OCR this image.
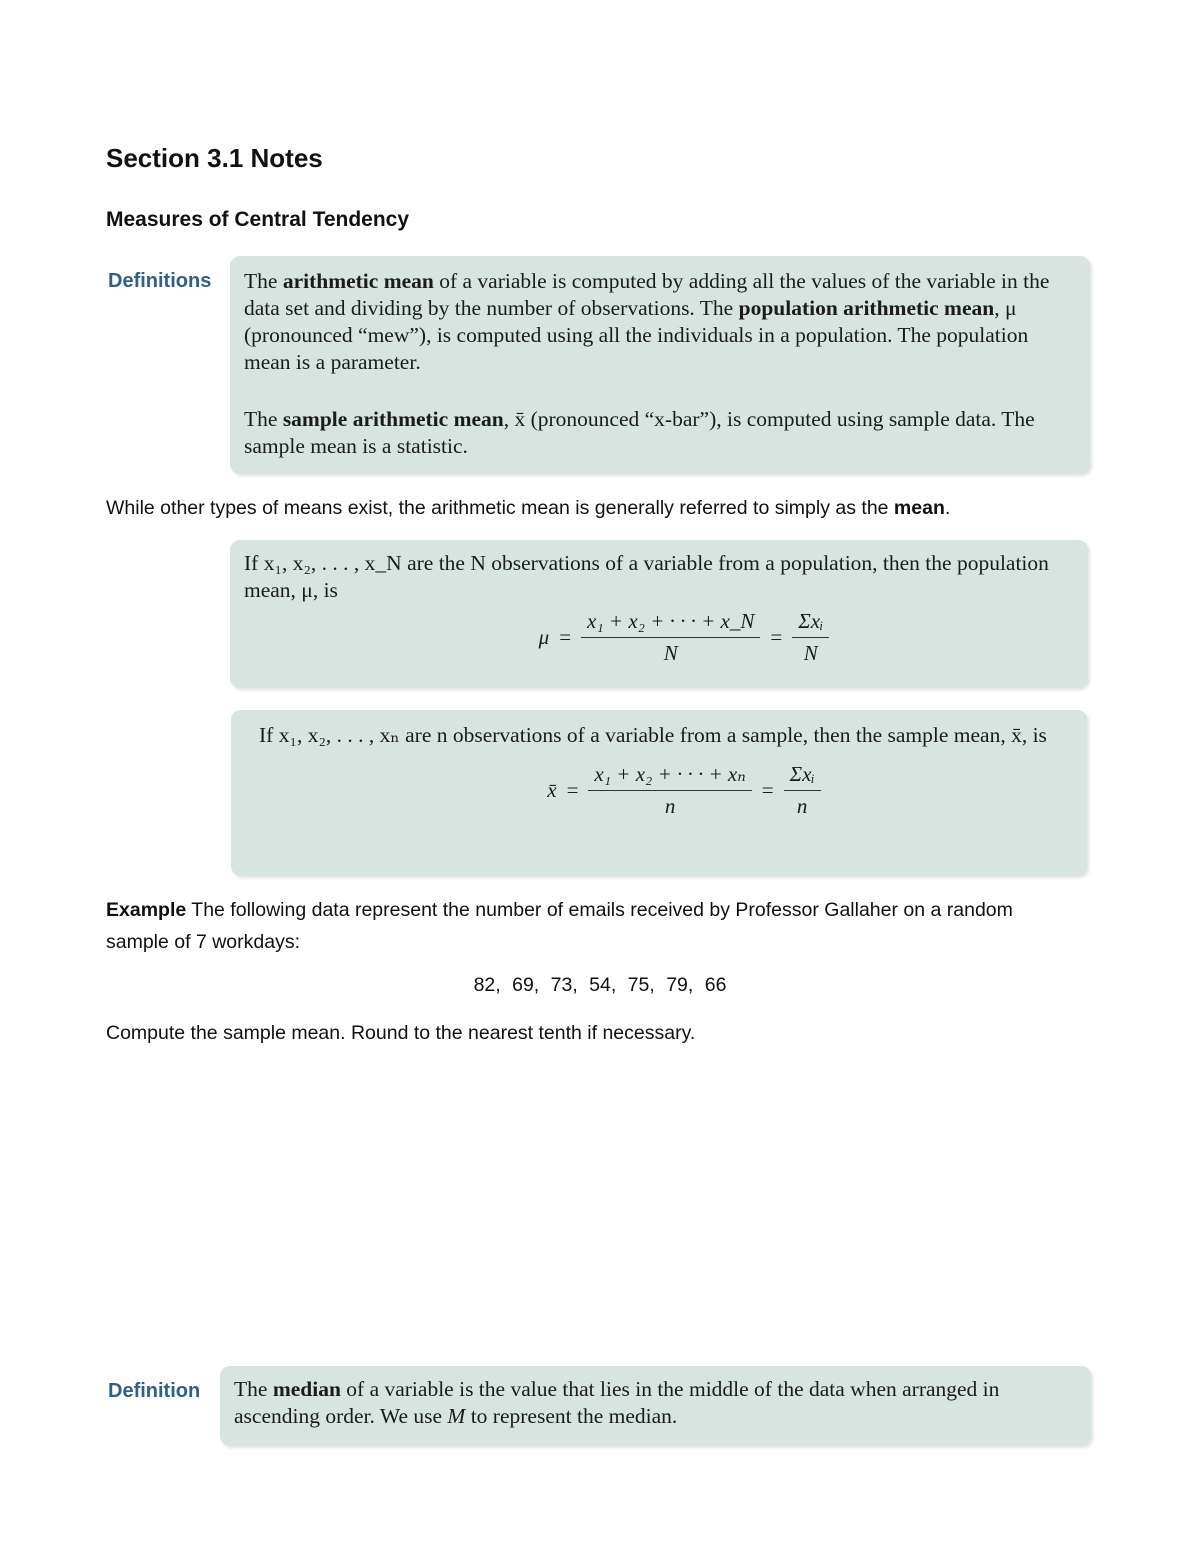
Section 3.1 Notes
Measures of Central Tendency
Definitions The arithmetic mean of a variable is computed by adding all the values of the variable in the data set and dividing by the number of observations. The population arithmetic mean, μ (pronounced “mew”), is computed using all the individuals in a population. The population mean is a parameter.

The sample arithmetic mean, x̄ (pronounced “x-bar”), is computed using sample data. The sample mean is a statistic.

While other types of means exist, the arithmetic mean is generally referred to simply as the mean.

If x₁, x₂, . . . , x_N are the N observations of a variable from a population, then the population mean, μ, is

$\mu = \frac{\text{x₁ + x₂ + · · · + x\_N}}{N} = \frac{\text{Σxᵢ}}{N}$

If x₁, x₂, . . . , xₙ are n observations of a variable from a sample, then the sample mean, x̄, is

x̄ = $\frac{\text{x₁ + x₂ + · · · + xₙ}}{n} = \frac{\text{Σxᵢ}}{n}$
Example The following data represent the number of emails received by Professor Gallaher on a random sample of 7 workdays:
82, 69, 73, 54, 75, 79, 66
Compute the sample mean. Round to the nearest tenth if necessary.
Definition The median of a variable is the value that lies in the middle of the data when arranged in ascending order. We use M to represent the median.
